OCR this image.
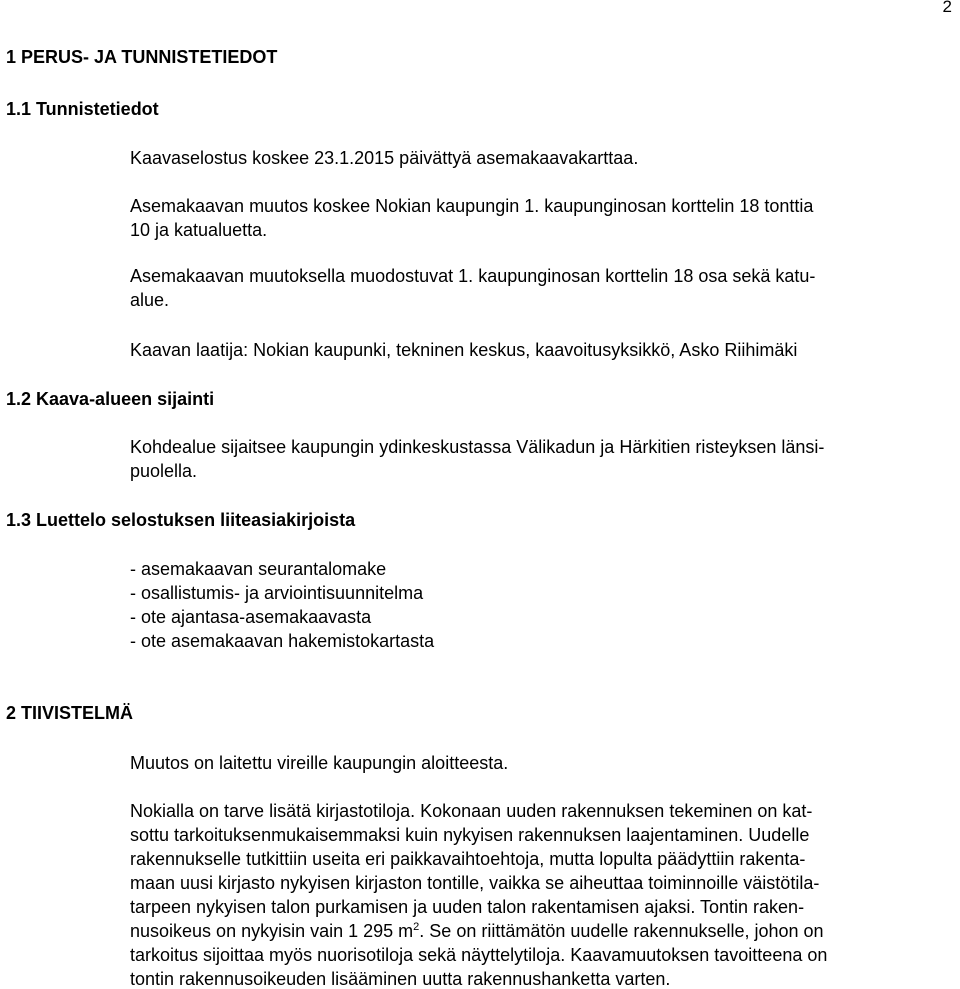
2
1 PERUS- JA TUNNISTETIEDOT
1.1 Tunnistetiedot
Kaavaselostus koskee 23.1.2015 päivättyä asemakaavakarttaa.
Asemakaavan muutos koskee Nokian kaupungin 1. kaupunginosan korttelin 18 tonttia
10 ja katualuetta.
Asemakaavan muutoksella muodostuvat 1. kaupunginosan korttelin 18 osa sekä katu-
alue.
Kaavan laatija: Nokian kaupunki, tekninen keskus, kaavoitusyksikkö, Asko Riihimäki
1.2 Kaava-alueen sijainti
Kohdealue sijaitsee kaupungin ydinkeskustassa Välikadun ja Härkitien risteyksen länsi-
puolella.
1.3 Luettelo selostuksen liiteasiakirjoista
- asemakaavan seurantalomake
- osallistumis- ja arviointisuunnitelma
- ote ajantasa-asemakaavasta
- ote asemakaavan hakemistokartasta
2 TIIVISTELMÄ
Muutos on laitettu vireille kaupungin aloitteesta.
Nokialla on tarve lisätä kirjastotiloja. Kokonaan uuden rakennuksen tekeminen on kat-
sottu tarkoituksenmukaisemmaksi kuin nykyisen rakennuksen laajentaminen. Uudelle
rakennukselle tutkittiin useita eri paikkavaihtoehtoja, mutta lopulta päädyttiin rakenta-
maan uusi kirjasto nykyisen kirjaston tontille, vaikka se aiheuttaa toiminnoille väistötila-
tarpeen nykyisen talon purkamisen ja uuden talon rakentamisen ajaksi. Tontin raken-
nusoikeus on nykyisin vain 1 295 $m^2$. Se on riittämätön uudelle rakennukselle, johon on
tarkoitus sijoittaa myös nuorisotiloja sekä näyttelytiloja. Kaavamuutoksen tavoitteena on
tontin rakennusoikeuden lisääminen uutta rakennushanketta varten.
